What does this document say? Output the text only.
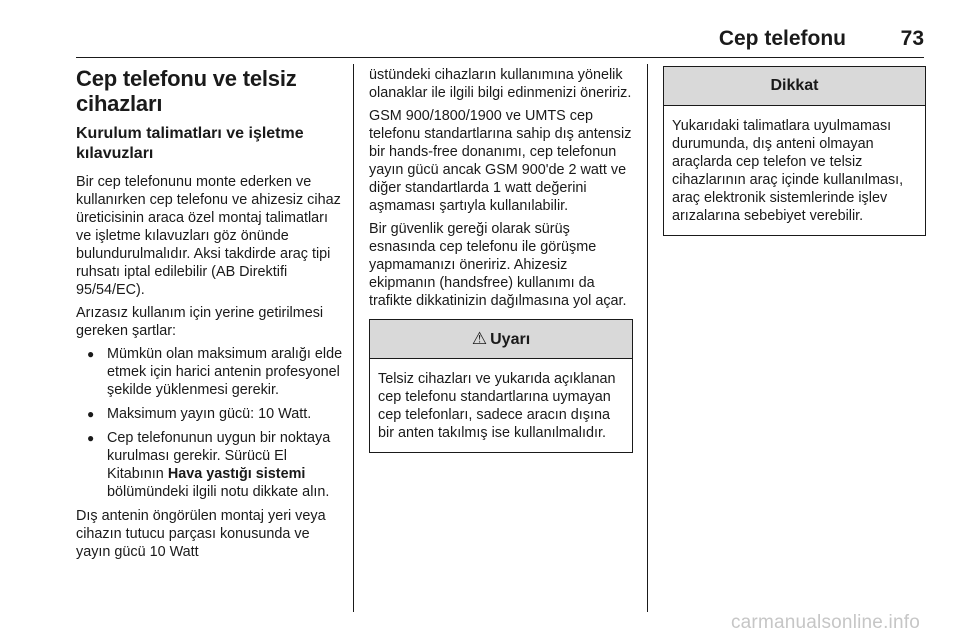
Cep telefonu	73
Cep telefonu ve telsiz cihazları
Kurulum talimatları ve işletme kılavuzları

Bir cep telefonunu monte ederken ve kullanırken cep telefonu ve ahizesiz cihaz üreticisinin araca özel montaj talimatları ve işletme kılavuzları göz önünde bulundurulmalıdır. Aksi takdirde araç tipi ruhsatı iptal edilebilir (AB Direktifi 95/54/EC).

Arızasız kullanım için yerine getirilmesi gereken şartlar:

● Mümkün olan maksimum aralığı elde etmek için harici antenin profesyonel şekilde yüklenmesi gerekir.
● Maksimum yayın gücü: 10 Watt.
● Cep telefonunun uygun bir noktaya kurulması gerekir. Sürücü El Kitabının Hava yastığı sistemi bölümündeki ilgili notu dikkate alın.

Dış antenin öngörülen montaj yeri veya cihazın tutucu parçası konusunda ve yayın gücü 10 Watt

üstündeki cihazların kullanımına yönelik olanaklar ile ilgili bilgi edinmenizi öneririz.

GSM 900/1800/1900 ve UMTS cep telefonu standartlarına sahip dış antensiz bir hands-free donanımı, cep telefonun yayın gücü ancak GSM 900'de 2 watt ve diğer standartlarda 1 watt değerini aşmaması şartıyla kullanılabilir.

Bir güvenlik gereği olarak sürüş esnasında cep telefonu ile görüşme yapmamanızı öneririz. Ahizesiz ekipmanın (handsfree) kullanımı da trafikte dikkatinizin dağılmasına yol açar.

⚠ Uyarı
Telsiz cihazları ve yukarıda açıklanan cep telefonu standartlarına uymayan cep telefonları, sadece aracın dışına bir anten takılmış ise kullanılmalıdır.
Dikkat
Yukarıdaki talimatlara uyulmaması durumunda, dış anteni olmayan araçlarda cep telefon ve telsiz cihazlarının araç içinde kullanılması, araç elektronik sistemlerinde işlev arızalarına sebebiyet verebilir.
carmanualsonline.info
